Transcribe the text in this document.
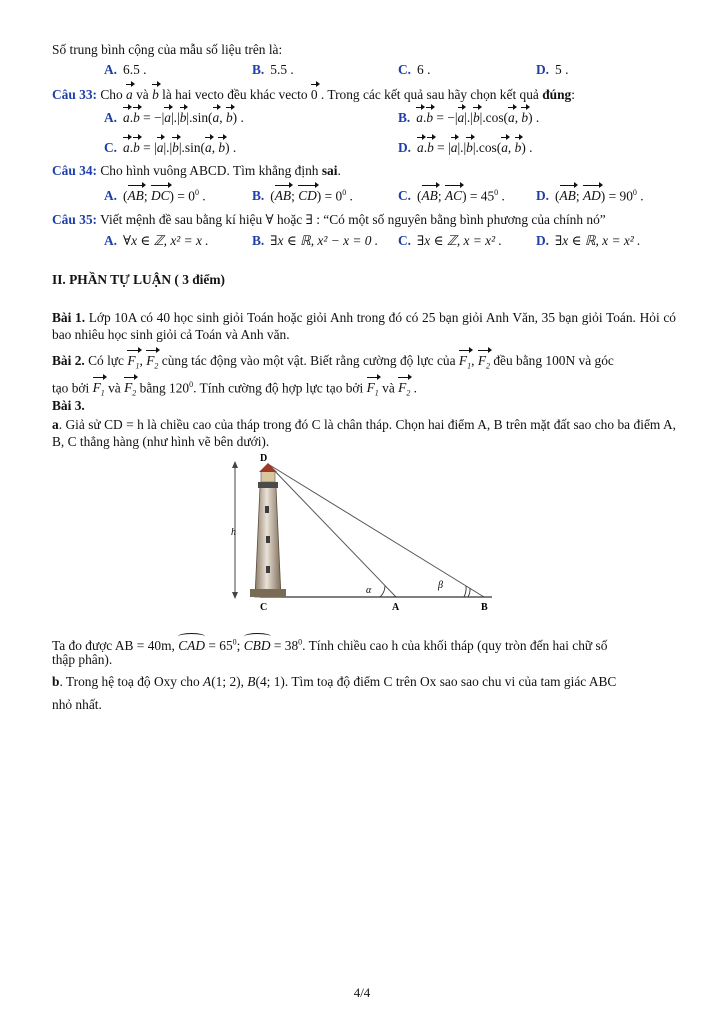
Số trung bình cộng của mẫu số liệu trên là:
A. 6.5 .	B. 5.5 .	C. 6 .	D. 5 .
Câu 33: Cho a và b là hai vecto đều khác vecto 0 . Trong các kết quả sau hãy chọn kết quả đúng:
A. a.b = −|a|.|b|.sin(a, b) .	B. a.b = −|a|.|b|.cos(a, b) .
C. a.b = |a|.|b|.sin(a, b) .	D. a.b = |a|.|b|.cos(a, b) .
Câu 34: Cho hình vuông ABCD. Tìm khẳng định sai.
A. (AB; $DC) = 0^0$ .	B. (AB; $CD) = 0^0$ .	C. (AB; $AC) = 45^0$ . D. (AB; $AD) = 90^0$ .
Câu 35: Viết mệnh đề sau bằng kí hiệu ∀ hoặc ∃ : “Có một số nguyên bằng bình phương của chính nó”
A. ∀x ∈ ℤ, x² = x .	B. ∃x ∈ ℝ, x² − x = 0 . C. ∃x ∈ ℤ, x = x² .	D. ∃x ∈ ℝ, x = x² .
II. PHẦN TỰ LUẬN ( 3 điểm)
Bài 1. Lớp 10A có 40 học sinh giỏi Toán hoặc giỏi Anh trong đó có 25 bạn giỏi Anh Văn, 35 bạn giỏi Toán. Hỏi có bao nhiêu học sinh giỏi cả Toán và Anh văn.
Bài 2. Có lực $F_1$, $F_2$ cùng tác động vào một vật. Biết rằng cường độ lực của $F_1$, $F_2$ đều bằng 100N và góc
tạo bởi $F_1$ và $F_2$ bằng $120^0$. Tính cường độ hợp lực tạo bởi $F_1$ và $F_2$ .
Bài 3.
a. Giả sử CD = h là chiều cao của tháp trong đó C là chân tháp. Chọn hai điểm A, B trên mặt đất sao cho ba điểm A, B, C thẳng hàng (như hình vẽ bên dưới).
D
h
C	A	B
α	β
Ta đo được AB = 40m, CAD = $65^0$; CBD = $38^0$. Tính chiều cao h của khối tháp (quy tròn đến hai chữ số
thập phân).
b. Trong hệ toạ độ Oxy cho A(1; 2), B(4; 1). Tìm toạ độ điểm C trên Ox sao sao chu vi của tam giác ABC
nhỏ nhất.
4/4
